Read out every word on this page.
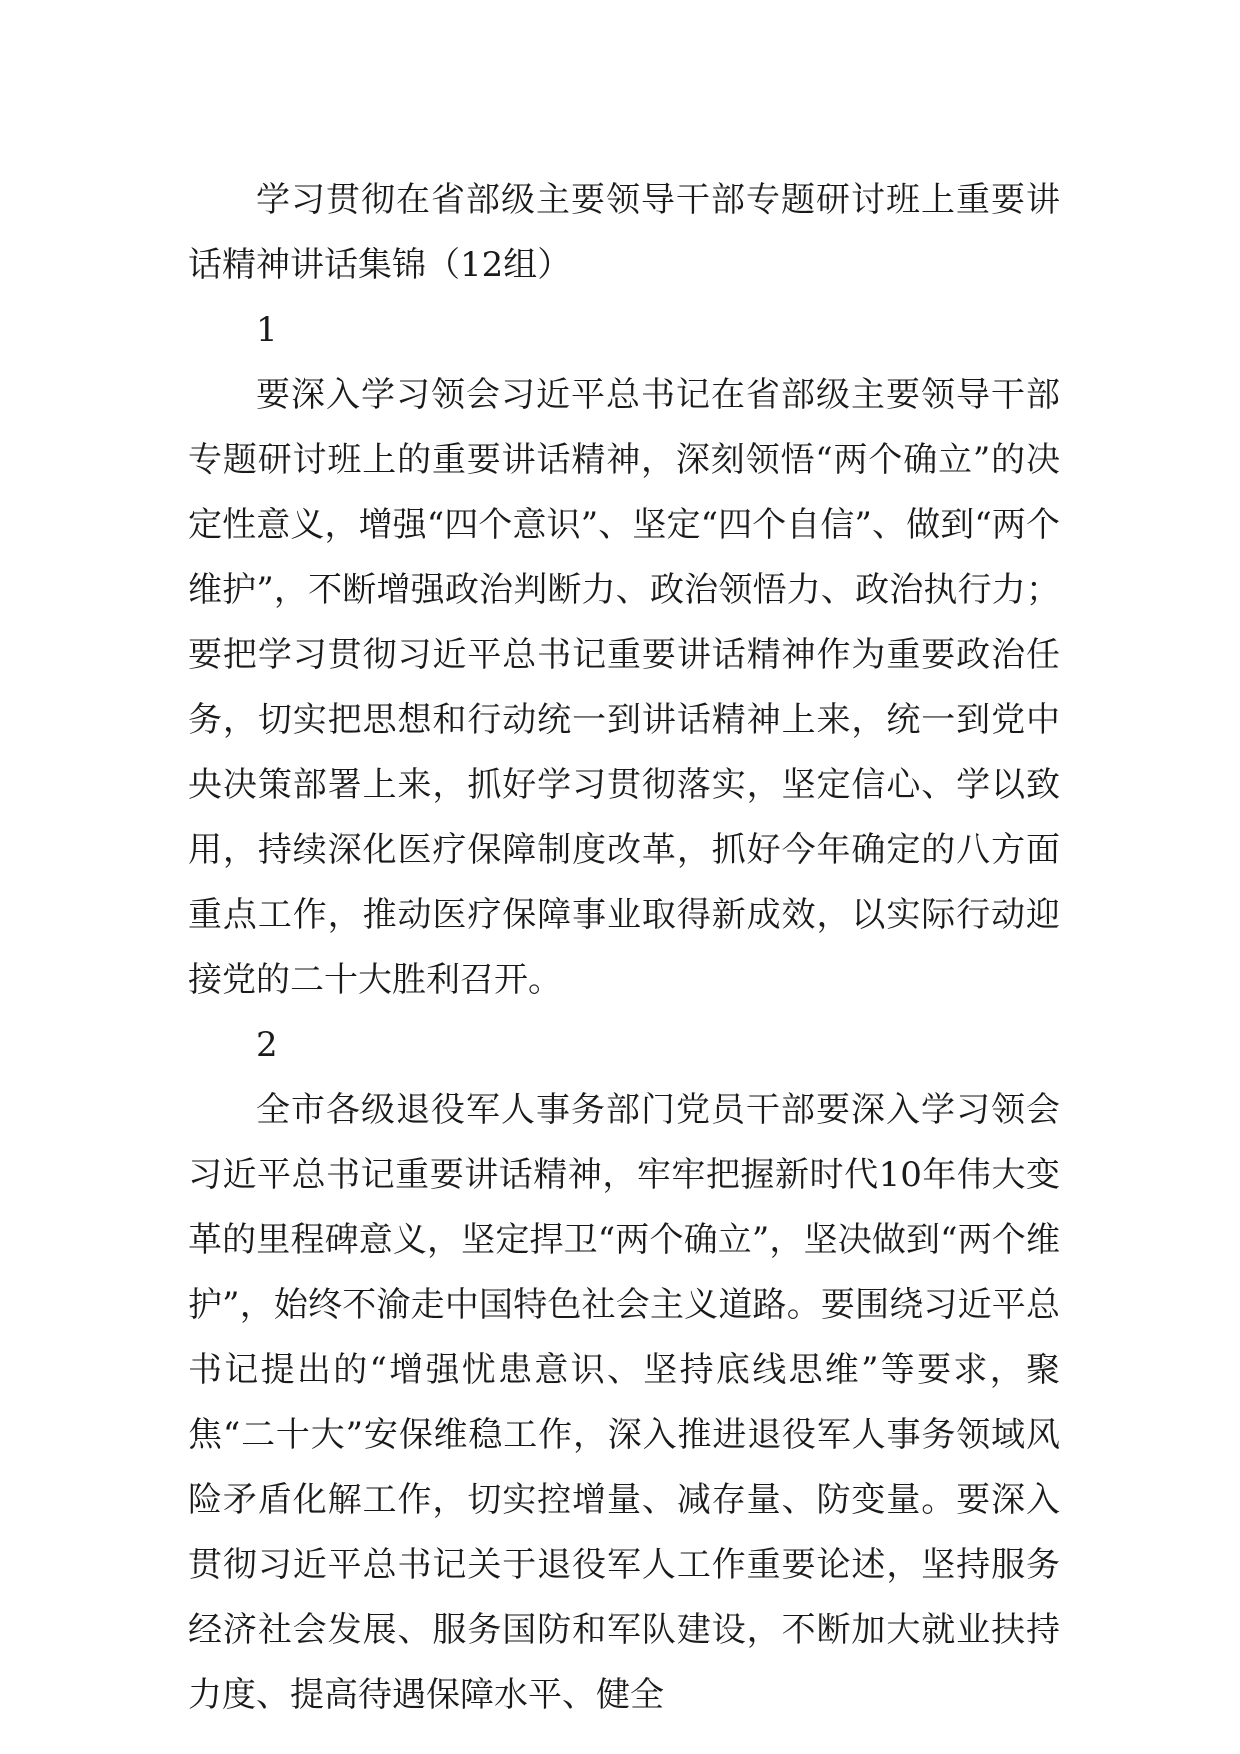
学习贯彻在省部级主要领导干部专题研讨班上重要讲话精神讲话集锦（12组）

1

要深入学习领会习近平总书记在省部级主要领导干部专题研讨班上的重要讲话精神，深刻领悟“两个确立”的决定性意义，增强“四个意识”、坚定“四个自信”、做到“两个维护”，不断增强政治判断力、政治领悟力、政治执行力；要把学习贯彻习近平总书记重要讲话精神作为重要政治任务，切实把思想和行动统一到讲话精神上来，统一到党中央决策部署上来，抓好学习贯彻落实，坚定信心、学以致用，持续深化医疗保障制度改革，抓好今年确定的八方面重点工作，推动医疗保障事业取得新成效，以实际行动迎接党的二十大胜利召开。

2

全市各级退役军人事务部门党员干部要深入学习领会习近平总书记重要讲话精神，牢牢把握新时代10年伟大变革的里程碑意义，坚定捍卫“两个确立”，坚决做到“两个维护”，始终不渝走中国特色社会主义道路。要围绕习近平总书记提出的“增强忧患意识、坚持底线思维”等要求，聚焦“二十大”安保维稳工作，深入推进退役军人事务领域风险矛盾化解工作，切实控增量、减存量、防变量。要深入贯彻习近平总书记关于退役军人工作重要论述，坚持服务经济社会发展、服务国防和军队建设，不断加大就业扶持力度、提高待遇保障水平、健全
